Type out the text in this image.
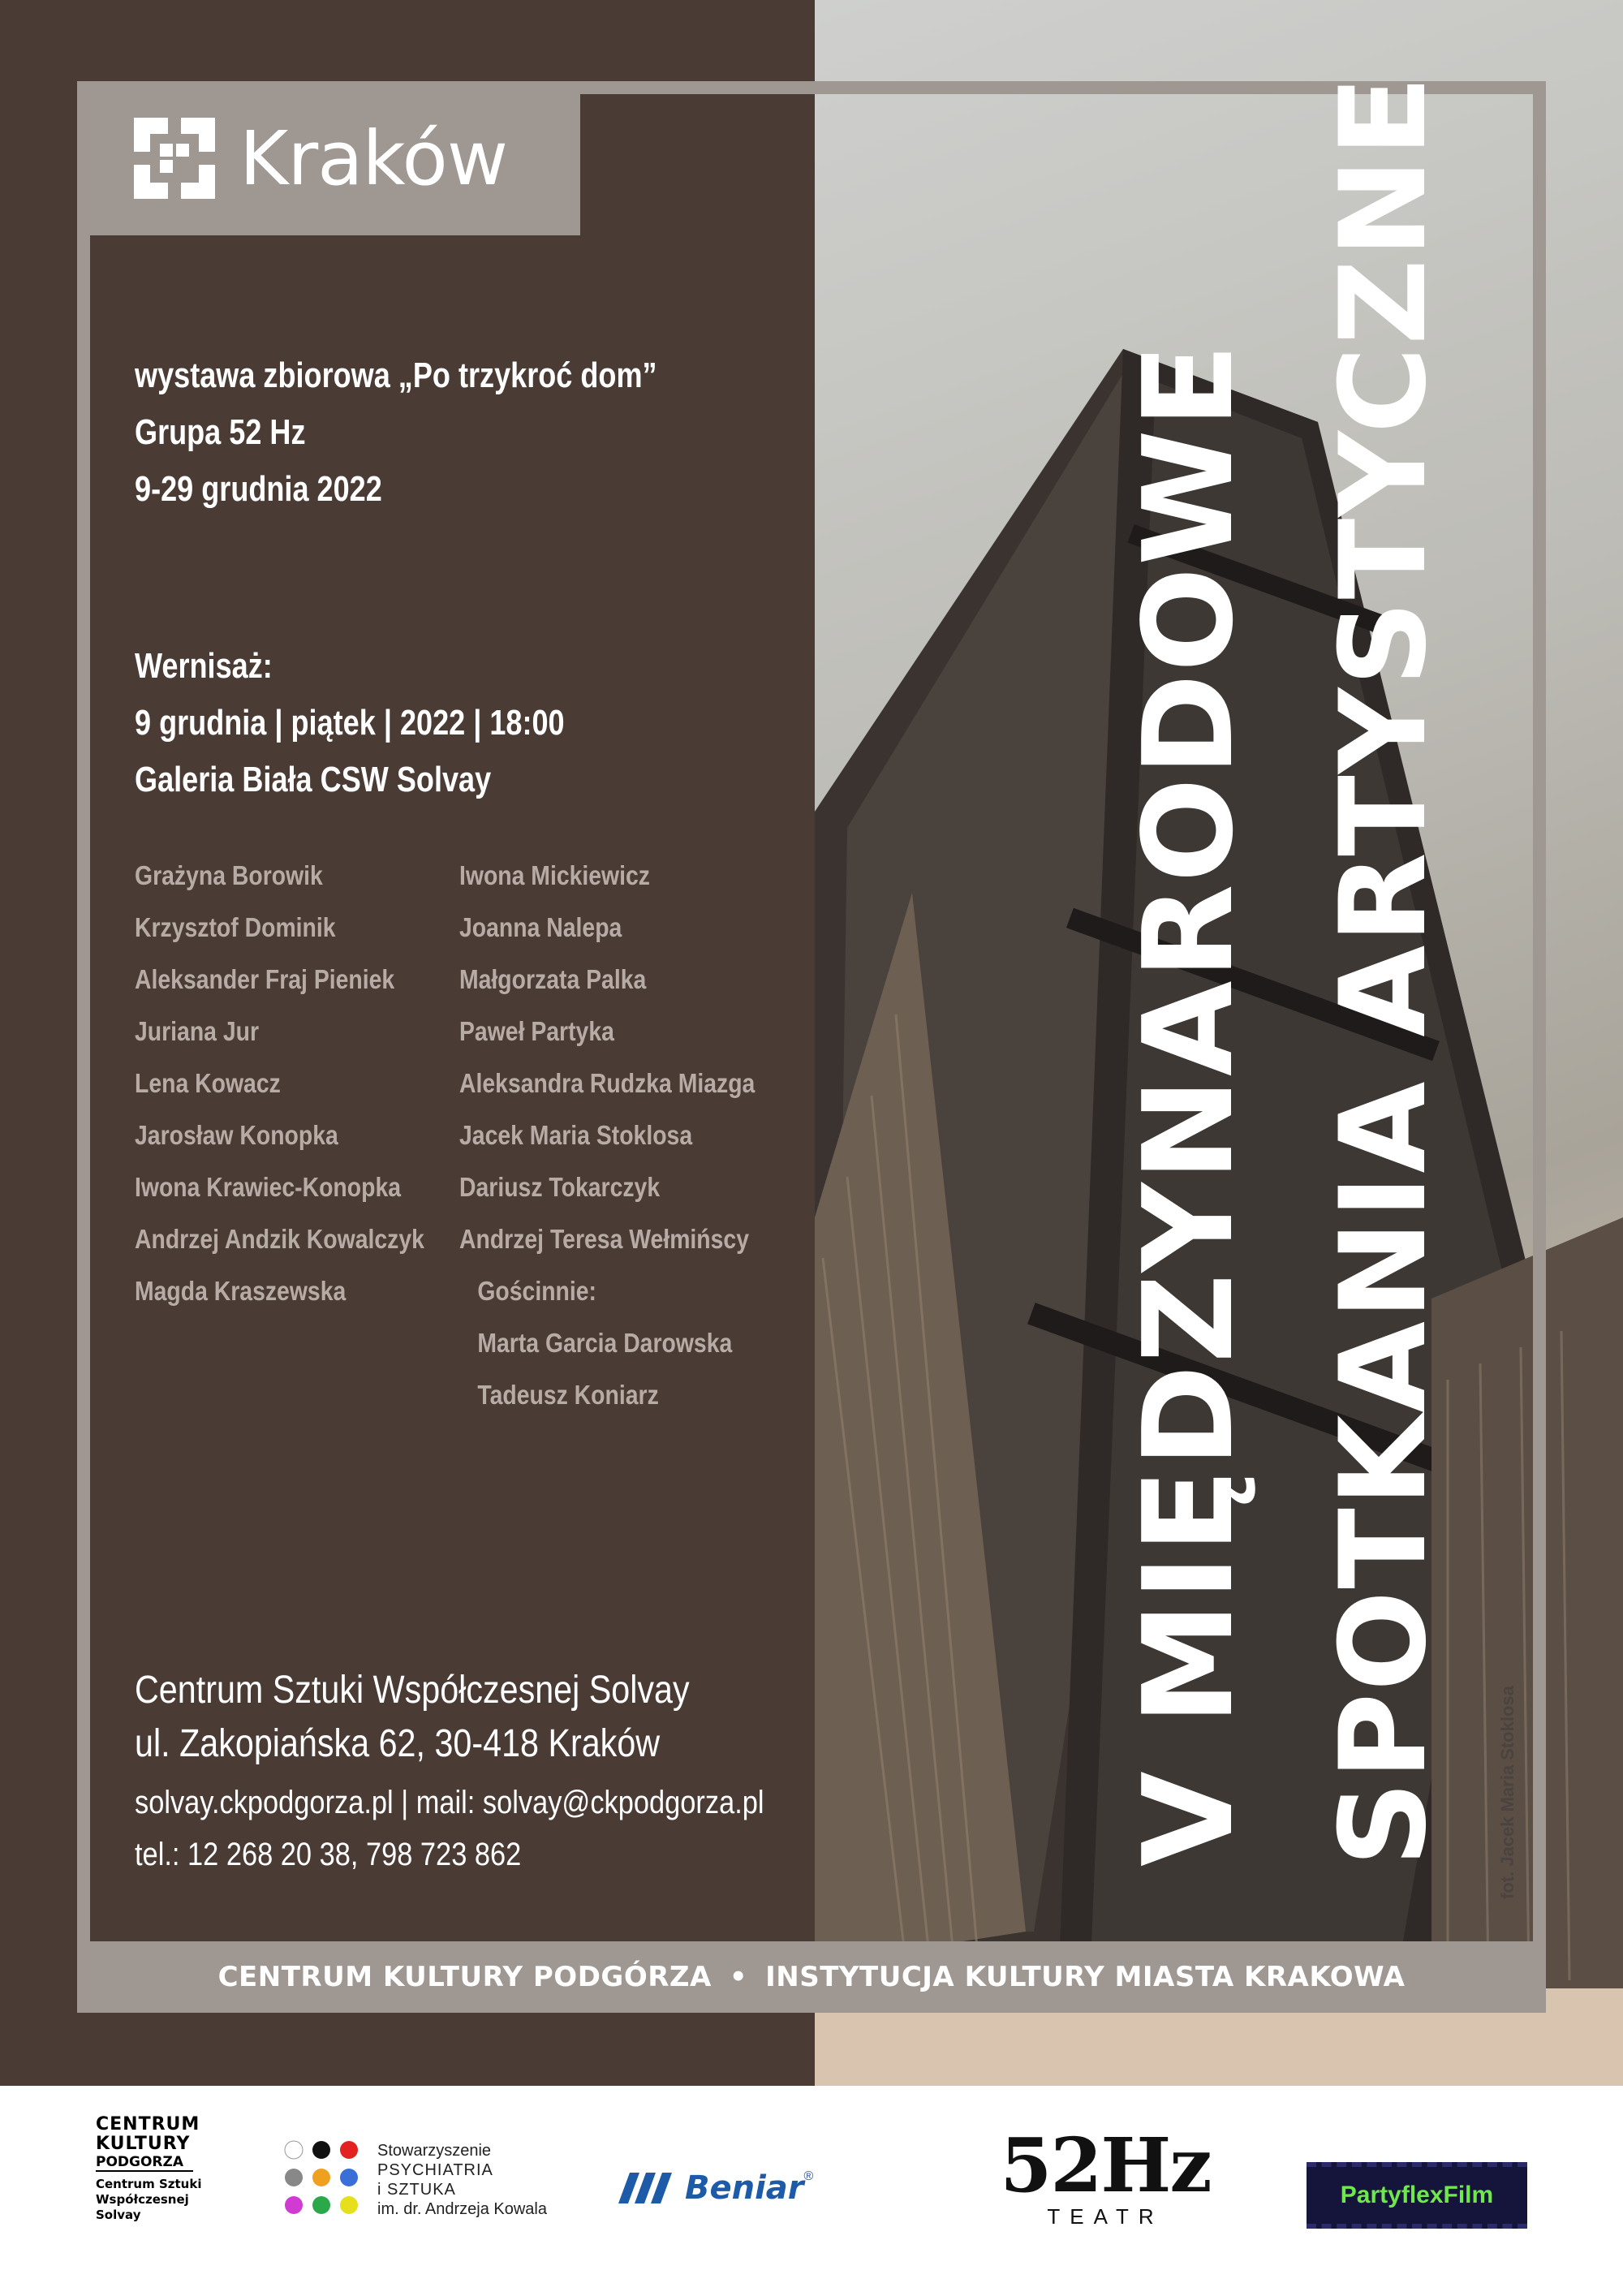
Kraków
wystawa zbiorowa „Po trzykroć dom”
Grupa 52 Hz
9-29 grudnia 2022
Wernisaż:
9 grudnia | piątek | 2022 | 18:00
Galeria Biała CSW Solvay
Grażyna Borowik
Krzysztof Dominik
Aleksander Fraj Pieniek
Juriana Jur
Lena Kowacz
Jarosław Konopka
Iwona Krawiec-Konopka
Andrzej Andzik Kowalczyk
Magda Kraszewska
Iwona Mickiewicz
Joanna Nalepa
Małgorzata Palka
Paweł Partyka
Aleksandra Rudzka Miazga
Jacek Maria Stoklosa
Dariusz Tokarczyk
Andrzej Teresa Wełmińscy
Gościnnie:
Marta Garcia Darowska
Tadeusz Koniarz
Centrum Sztuki Współczesnej Solvay
ul. Zakopiańska 62, 30-418 Kraków
solvay.ckpodgorza.pl | mail: solvay@ckpodgorza.pl
tel.: 12 268 20 38, 798 723 862	V MIĘDZYNARODOWE SPOTKANIA ARTYSTYCZNE	fot. Jacek Maria Stoklosa
CENTRUM KULTURY PODGÓRZA • INSTYTUCJA KULTURY MIASTA KRAKOWA
CENTRUM
KULTURY
PODGORZA
Centrum Sztuki
Współczesnej
Solvay
Stowarzyszenie
PSYCHIATRIA
i SZTUKA
im. dr. Andrzeja Kowala
Beniar ®	52Hz
TEATR
PartyflexFilm
